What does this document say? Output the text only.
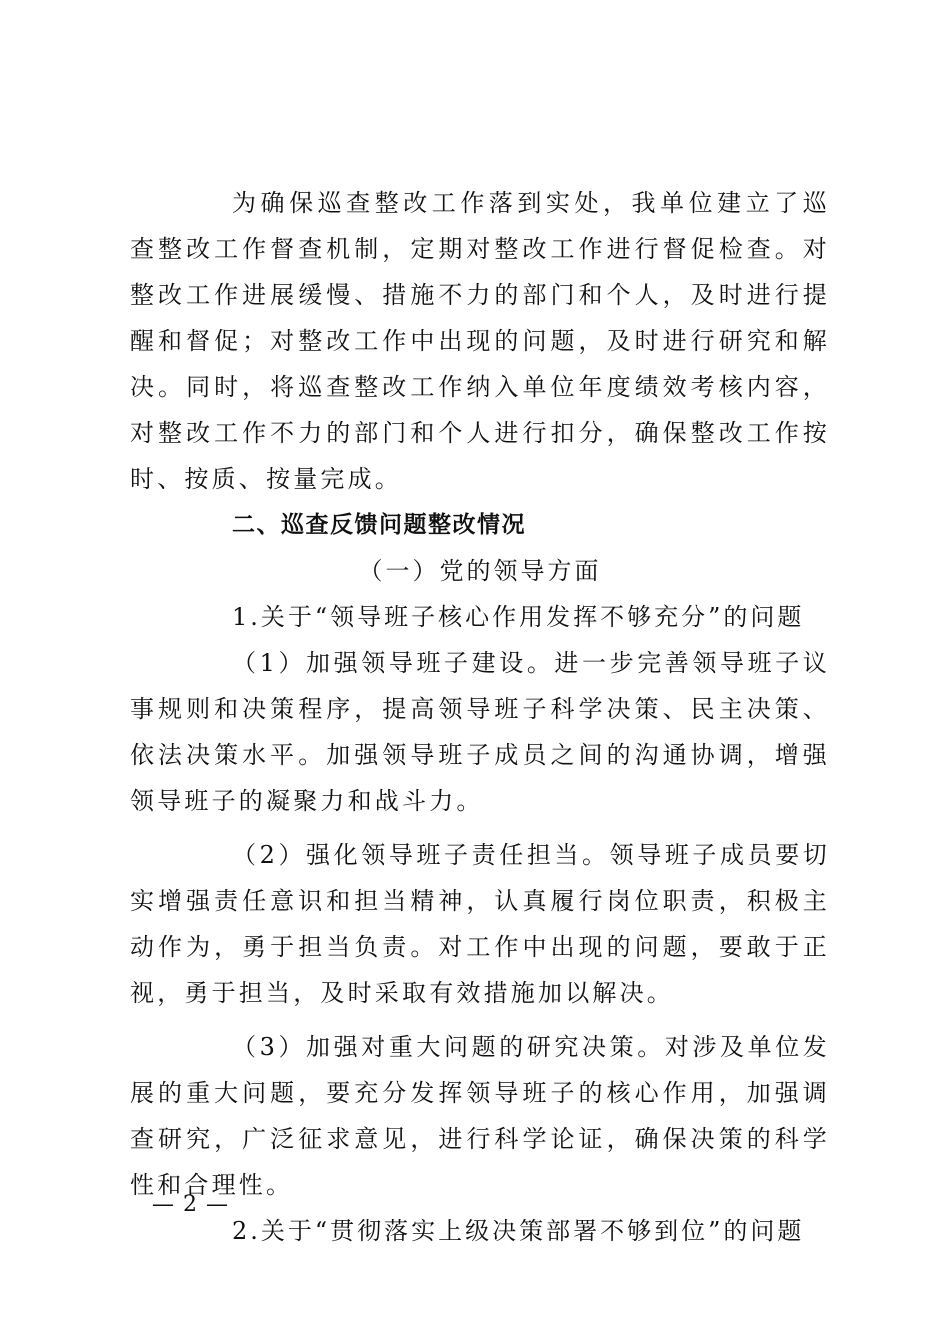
为确保巡查整改工作落到实处，我单位建立了巡查整改工作督查机制，定期对整改工作进行督促检查。对整改工作进展缓慢、措施不力的部门和个人，及时进行提醒和督促；对整改工作中出现的问题，及时进行研究和解决。同时，将巡查整改工作纳入单位年度绩效考核内容，对整改工作不力的部门和个人进行扣分，确保整改工作按时、按质、按量完成。

二、巡查反馈问题整改情况

（一）党的领导方面

1.关于“领导班子核心作用发挥不够充分”的问题

（1）加强领导班子建设。进一步完善领导班子议事规则和决策程序，提高领导班子科学决策、民主决策、依法决策水平。加强领导班子成员之间的沟通协调，增强领导班子的凝聚力和战斗力。

（2）强化领导班子责任担当。领导班子成员要切实增强责任意识和担当精神，认真履行岗位职责，积极主动作为，勇于担当负责。对工作中出现的问题，要敢于正视，勇于担当，及时采取有效措施加以解决。

（3）加强对重大问题的研究决策。对涉及单位发展的重大问题，要充分发挥领导班子的核心作用，加强调查研究，广泛征求意见，进行科学论证，确保决策的科学性和合理性。

2.关于“贯彻落实上级决策部署不够到位”的问题

— 2 —
